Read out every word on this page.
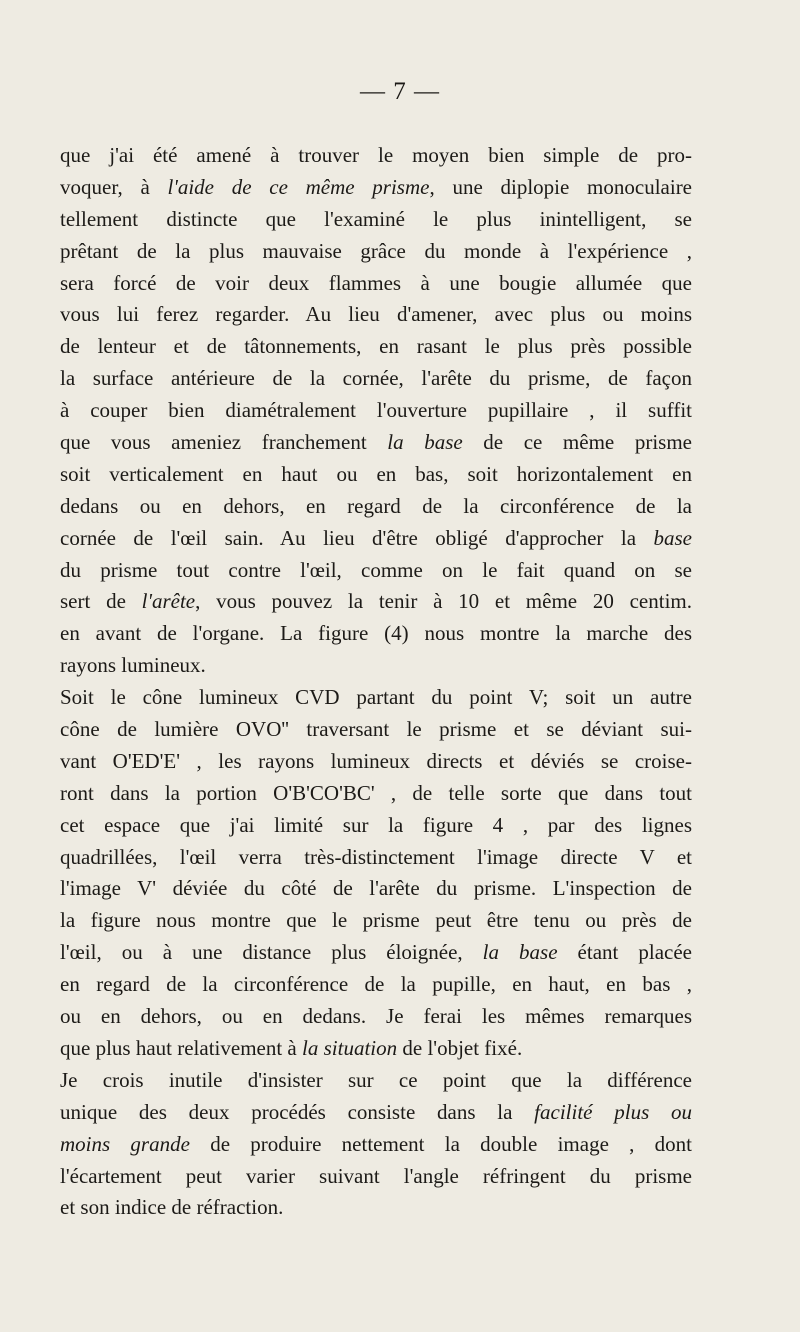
— 7 —
que j'ai été amené à trouver le moyen bien simple de pro-
voquer, à l'aide de ce même prisme, une diplopie monoculaire
tellement distincte que l'examiné le plus inintelligent, se
prêtant de la plus mauvaise grâce du monde à l'expérience ,
sera forcé de voir deux flammes à une bougie allumée que
vous lui ferez regarder. Au lieu d'amener, avec plus ou moins
de lenteur et de tâtonnements, en rasant le plus près possible
la surface antérieure de la cornée, l'arête du prisme, de façon
à couper bien diamétralement l'ouverture pupillaire , il suffit
que vous ameniez franchement la base de ce même prisme
soit verticalement en haut ou en bas, soit horizontalement en
dedans ou en dehors, en regard de la circonférence de la
cornée de l'œil sain. Au lieu d'être obligé d'approcher la base
du prisme tout contre l'œil, comme on le fait quand on se
sert de l'arête, vous pouvez la tenir à 10 et même 20 centim.
en avant de l'organe. La figure (4) nous montre la marche des
rayons lumineux.
Soit le cône lumineux CVD partant du point V; soit un autre
cône de lumière OVO'' traversant le prisme et se déviant sui-
vant O'ED'E' , les rayons lumineux directs et déviés se croise-
ront dans la portion O'B'CO'BC' , de telle sorte que dans tout
cet espace que j'ai limité sur la figure 4 , par des lignes
quadrillées, l'œil verra très-distinctement l'image directe V et
l'image V' déviée du côté de l'arête du prisme. L'inspection de
la figure nous montre que le prisme peut être tenu ou près de
l'œil, ou à une distance plus éloignée, la base étant placée
en regard de la circonférence de la pupille, en haut, en bas ,
ou en dehors, ou en dedans. Je ferai les mêmes remarques
que plus haut relativement à la situation de l'objet fixé.
Je crois inutile d'insister sur ce point que la différence
unique des deux procédés consiste dans la facilité plus ou
moins grande de produire nettement la double image , dont
l'écartement peut varier suivant l'angle réfringent du prisme
et son indice de réfraction.
